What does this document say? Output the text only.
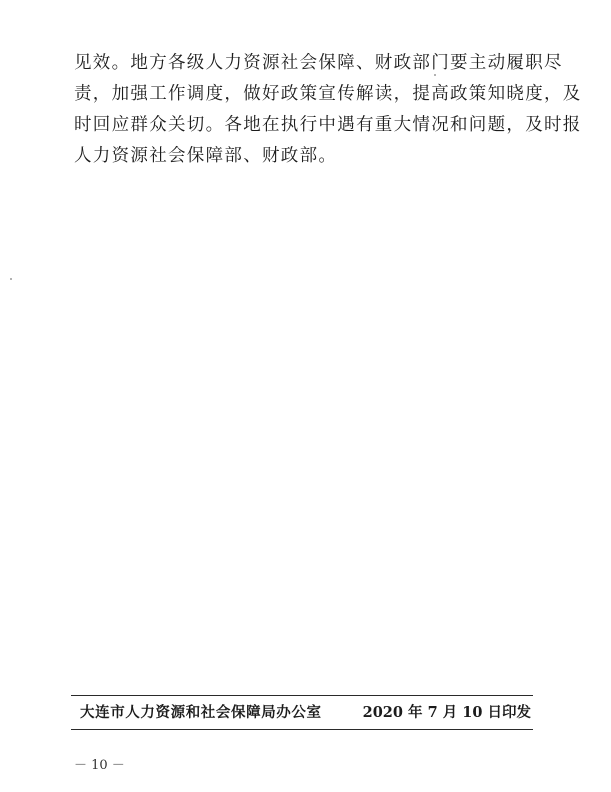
见效。地方各级人力资源社会保障、财政部门要主动履职尽
责，加强工作调度，做好政策宣传解读，提高政策知晓度，及
时回应群众关切。各地在执行中遇有重大情况和问题，及时报
人力资源社会保障部、财政部。
大连市人力资源和社会保障局办公室	2020 年 7 月 10 日印发
－ 10 －
